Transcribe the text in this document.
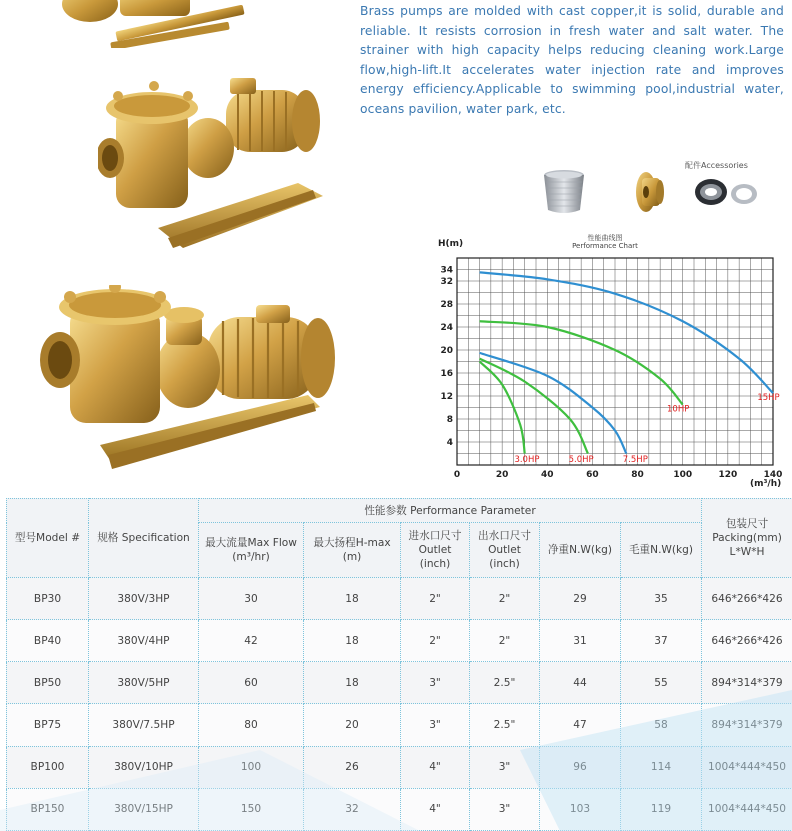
Brass pumps are molded with cast copper,it is solid, durable and reliable. It resists corrosion in fresh water and salt water. The strainer with high capacity helps reducing cleaning work.Large flow,high-lift.It accelerates water injection rate and improves energy efficiency.Applicable to swimming pool,industrial water, oceans pavilion, water park, etc.

配件Accessories
性能曲线图
Performance Chart
H(m)
(m³/h)
0	20	40	60	80	100	120	140
4
8
12
16
20
24
28
32
34
15HP
10HP
7.5HP
5.0HP
3.0HP
型号Model #	规格 Specification	性能参数 Performance Parameter						包装尺寸 Packing(mm) L*W*H
		最大流量Max Flow (m³/hr)	最大扬程H-max (m)	进水口尺寸 Outlet (inch)	出水口尺寸 Outlet (inch)	净重N.W(kg)	毛重N.W(kg)	
BP30	380V/3HP	30	18	2"	2"	29	35	646*266*426
BP40	380V/4HP	42	18	2"	2"	31	37	646*266*426
BP50	380V/5HP	60	18	3"	2.5"	44	55	894*314*379
BP75	380V/7.5HP	80	20	3"	2.5"	47	58	894*314*379
BP100	380V/10HP	100	26	4"	3"	96	114	1004*444*450
BP150	380V/15HP	150	32	4"	3"	103	119	1004*444*450
